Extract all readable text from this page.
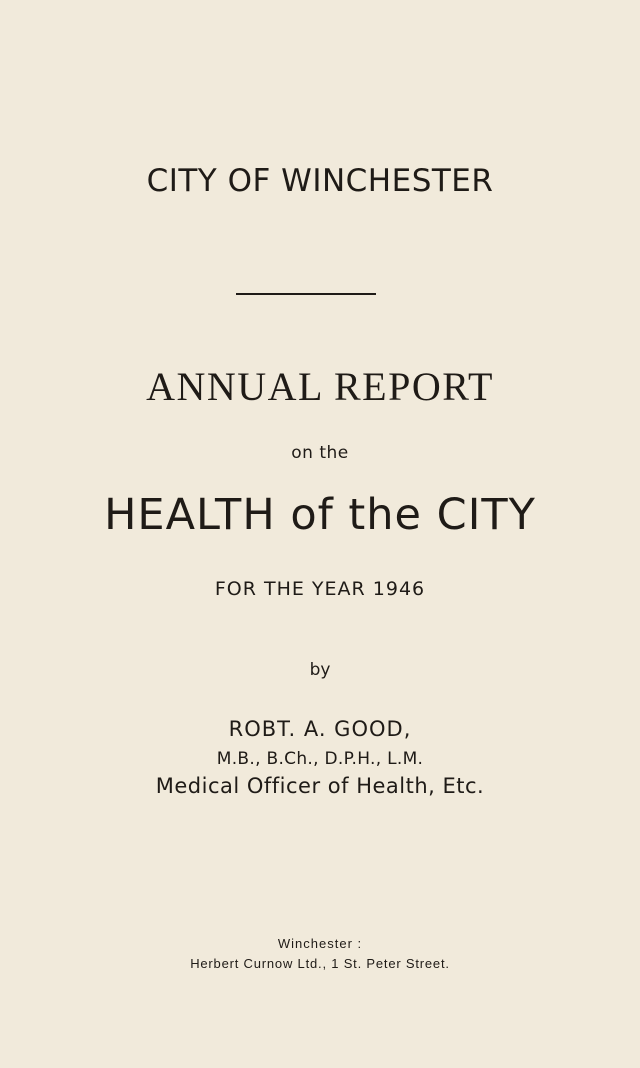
CITY OF WINCHESTER
ANNUAL REPORT
on the
HEALTH of the CITY
FOR THE YEAR 1946
by
ROBT. A. GOOD,
M.B., B.Ch., D.P.H., L.M.
Medical Officer of Health, Etc.
Winchester :
Herbert Curnow Ltd., 1 St. Peter Street.
